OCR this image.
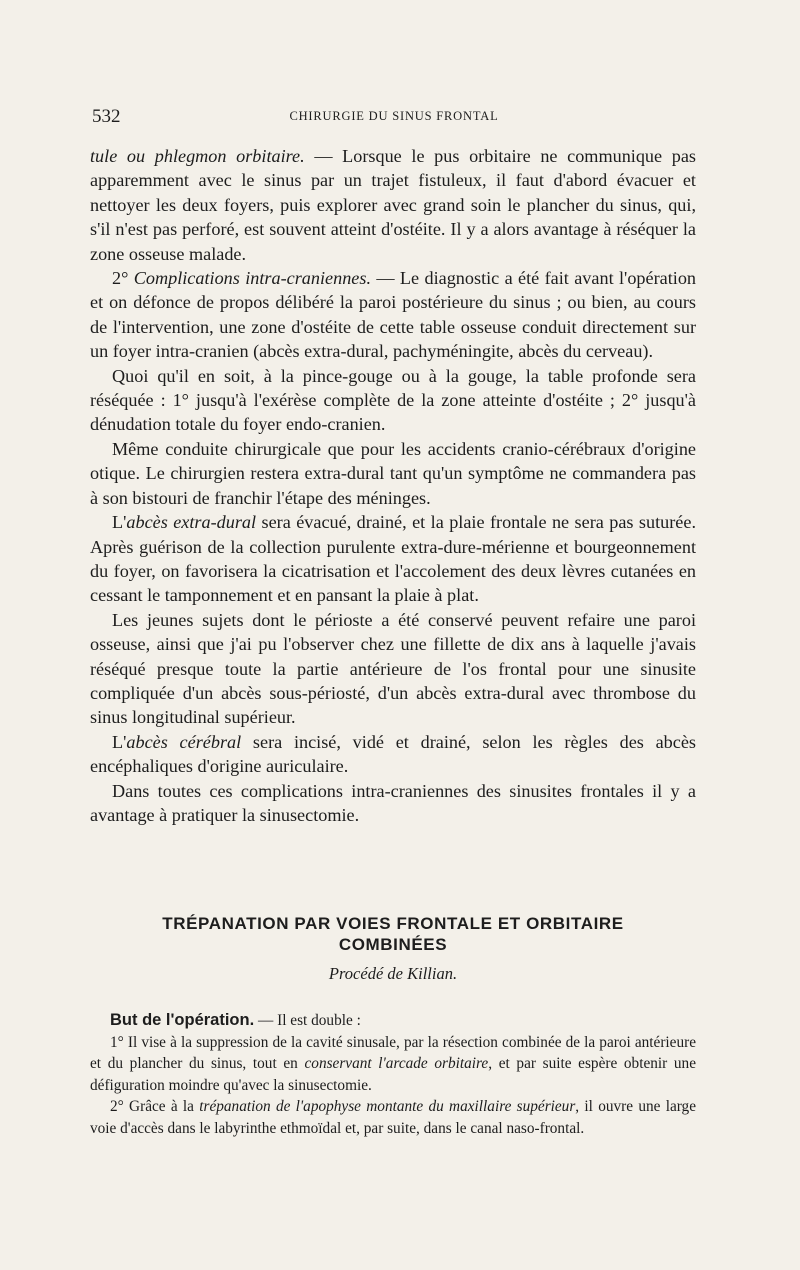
532	CHIRURGIE DU SINUS FRONTAL

tule ou phlegmon orbitaire. — Lorsque le pus orbitaire ne communique pas apparemment avec le sinus par un trajet fistuleux, il faut d'abord évacuer et nettoyer les deux foyers, puis explorer avec grand soin le plancher du sinus, qui, s'il n'est pas perforé, est souvent atteint d'ostéite. Il y a alors avantage à réséquer la zone osseuse malade.

2° Complications intra-craniennes. — Le diagnostic a été fait avant l'opération et on défonce de propos délibéré la paroi postérieure du sinus ; ou bien, au cours de l'intervention, une zone d'ostéite de cette table osseuse conduit directement sur un foyer intra-cranien (abcès extra-dural, pachyméningite, abcès du cerveau).

Quoi qu'il en soit, à la pince-gouge ou à la gouge, la table profonde sera réséquée : 1° jusqu'à l'exérèse complète de la zone atteinte d'ostéite ; 2° jusqu'à dénudation totale du foyer endo-cranien.

Même conduite chirurgicale que pour les accidents cranio-cérébraux d'origine otique. Le chirurgien restera extra-dural tant qu'un symptôme ne commandera pas à son bistouri de franchir l'étape des méninges.

L'abcès extra-dural sera évacué, drainé, et la plaie frontale ne sera pas suturée. Après guérison de la collection purulente extra-dure-mérienne et bourgeonnement du foyer, on favorisera la cicatrisation et l'accolement des deux lèvres cutanées en cessant le tamponnement et en pansant la plaie à plat.

Les jeunes sujets dont le périoste a été conservé peuvent refaire une paroi osseuse, ainsi que j'ai pu l'observer chez une fillette de dix ans à laquelle j'avais réséqué presque toute la partie antérieure de l'os frontal pour une sinusite compliquée d'un abcès sous-périosté, d'un abcès extra-dural avec thrombose du sinus longitudinal supérieur.

L'abcès cérébral sera incisé, vidé et drainé, selon les règles des abcès encéphaliques d'origine auriculaire.

Dans toutes ces complications intra-craniennes des sinusites frontales il y a avantage à pratiquer la sinusectomie.

TRÉPANATION PAR VOIES FRONTALE ET ORBITAIRE
COMBINÉES
Procédé de Killian.

But de l'opération. — Il est double :

1° Il vise à la suppression de la cavité sinusale, par la résection combinée de la paroi antérieure et du plancher du sinus, tout en conservant l'arcade orbitaire, et par suite espère obtenir une défiguration moindre qu'avec la sinusectomie.

2° Grâce à la trépanation de l'apophyse montante du maxillaire supérieur, il ouvre une large voie d'accès dans le labyrinthe ethmoïdal et, par suite, dans le canal naso-frontal.
